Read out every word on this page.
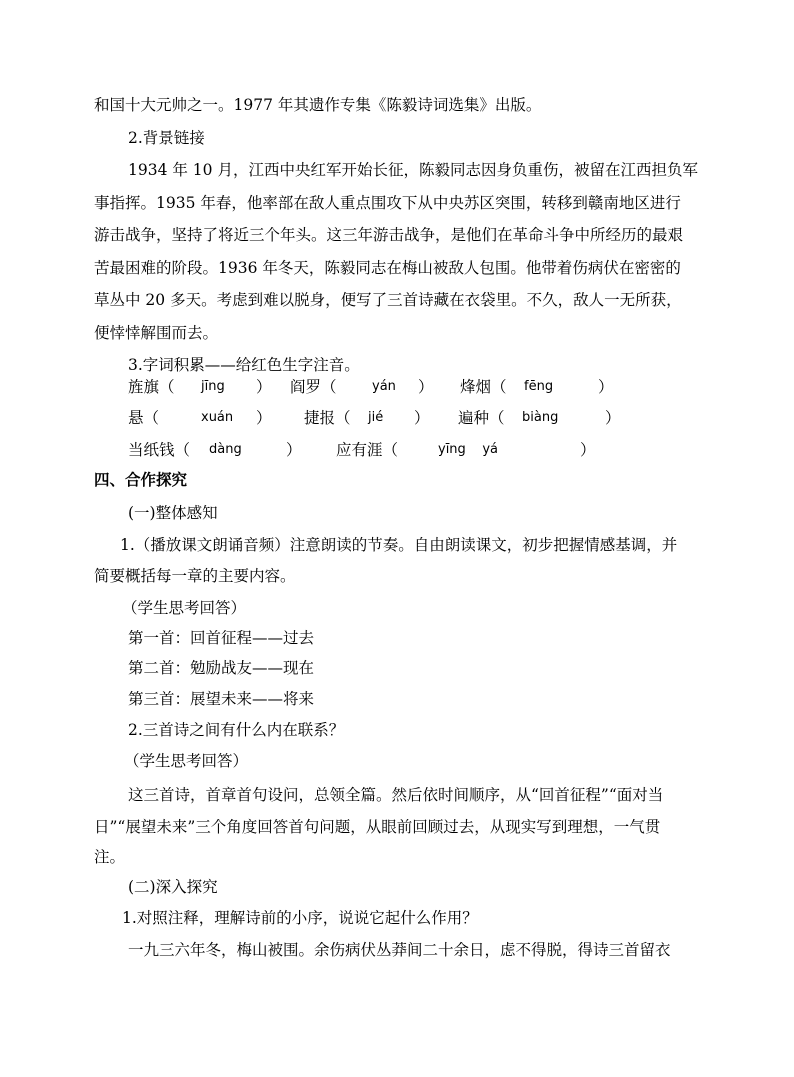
和国十大元帅之一。1977 年其遗作专集《陈毅诗词选集》出版。
2.背景链接
1934 年 10 月，江西中央红军开始长征，陈毅同志因身负重伤，被留在江西担负军
事指挥。1935 年春，他率部在敌人重点围攻下从中央苏区突围，转移到赣南地区进行
游击战争，坚持了将近三个年头。这三年游击战争，是他们在革命斗争中所经历的最艰
苦最困难的阶段。1936 年冬天，陈毅同志在梅山被敌人包围。他带着伤病伏在密密的
草丛中 20 多天。考虑到难以脱身，便写了三首诗藏在衣袋里。不久，敌人一无所获，
便悻悻解围而去。
3.字词积累——给红色生字注音。
旌旗（ jīng ） 阎罗（	yán ） 烽烟（ fēng	）
悬（	xuán ） 捷报（ jié ） 遍种（ biàng	）
当纸钱（ dàng	） 应有涯（	yīng    yá	）
四、合作探究
(一)整体感知
1.（播放课文朗诵音频）注意朗读的节奏。自由朗读课文，初步把握情感基调，并
简要概括每一章的主要内容。
（学生思考回答）
第一首：回首征程——过去
第二首：勉励战友——现在
第三首：展望未来——将来
2.三首诗之间有什么内在联系？
（学生思考回答）
这三首诗，首章首句设问，总领全篇。然后依时间顺序，从“回首征程”“面对当
日”“展望未来”三个角度回答首句问题，从眼前回顾过去，从现实写到理想，一气贯
注。
(二)深入探究
1.对照注释，理解诗前的小序，说说它起什么作用？
一九三六年冬，梅山被围。余伤病伏丛莽间二十余日，虑不得脱，得诗三首留衣
